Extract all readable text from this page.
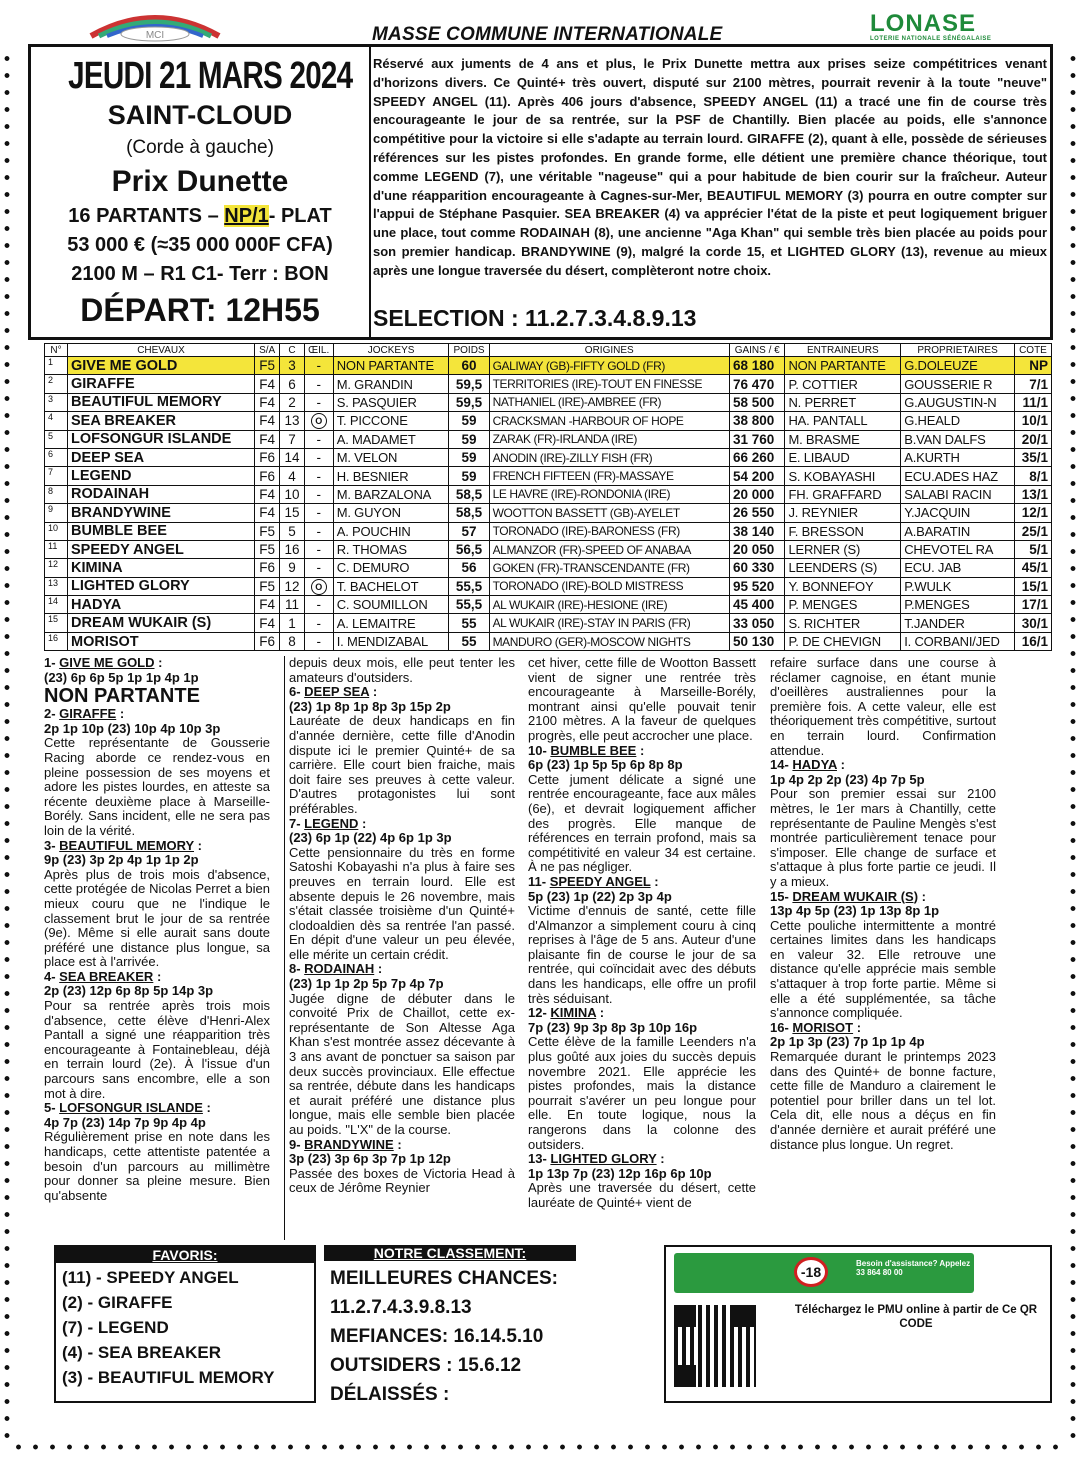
MCI	MASSE COMMUNE INTERNATIONALE	LONASE
LOTERIE NATIONALE SÉNÉGALAISE
JEUDI 21 MARS 2024
SAINT-CLOUD
(Corde à gauche)
Prix Dunette
16 PARTANTS – NP/1- PLAT
53 000 € (≈35 000 000F CFA)
2100 M – R1 C1- Terr : BON
DÉPART: 12H55
Réservé aux juments de 4 ans et plus, le Prix Dunette mettra aux prises seize compétitrices venant d'horizons divers. Ce Quinté+ très ouvert, disputé sur 2100 mètres, pourrait revenir à la toute "neuve" SPEEDY ANGEL (11). Après 406 jours d'absence, SPEEDY ANGEL (11) a tracé une fin de course très encourageante le jour de sa rentrée, sur la PSF de Chantilly. Bien placée au poids, elle s'annonce compétitive pour la victoire si elle s'adapte au terrain lourd. GIRAFFE (2), quant à elle, possède de sérieuses références sur les pistes profondes. En grande forme, elle détient une première chance théorique, tout comme LEGEND (7), une véritable "nageuse" qui a pour habitude de bien courir sur la fraîcheur. Auteur d'une réapparition encourageante à Cagnes-sur-Mer, BEAUTIFUL MEMORY (3) pourra en outre compter sur l'appui de Stéphane Pasquier. SEA BREAKER (4) va apprécier l'état de la piste et peut logiquement briguer une place, tout comme RODAINAH (8), une ancienne "Aga Khan" qui semble très bien placée au poids pour son premier handicap. BRANDYWINE (9), malgré la corde 15, et LIGHTED GLORY (13), revenue au mieux après une longue traversée du désert, complèteront notre choix.
SELECTION : 11.2.7.3.4.8.9.13
N°	CHEVAUX	S/A	C	ŒIL.	JOCKEYS	POIDS	ORIGINES	GAINS / €	ENTRAINEURS	PROPRIETAIRES	COTE
1	GIVE ME GOLD	F5	3	-	NON PARTANTE	60	GALIWAY (GB)-FIFTY GOLD (FR)	68 180	NON PARTANTE	G.DOLEUZE	NP
2	GIRAFFE	F4	6	-	M. GRANDIN	59,5	TERRITORIES (IRE)-TOUT EN FINESSE	76 470	P. COTTIER	GOUSSERIE R	7/1
3	BEAUTIFUL MEMORY	F4	2	-	S. PASQUIER	59,5	NATHANIEL (IRE)-AMBREE (FR)	58 500	N. PERRET	G.AUGUSTIN-N	11/1
4	SEA BREAKER	F4	13	O	T. PICCONE	59	CRACKSMAN -HARBOUR OF HOPE	38 800	HA. PANTALL	G.HEALD	10/1
5	LOFSONGUR ISLANDE	F4	7	-	A. MADAMET	59	ZARAK (FR)-IRLANDA (IRE)	31 760	M. BRASME	B.VAN DALFS	20/1
6	DEEP SEA	F6	14	-	M. VELON	59	ANODIN (IRE)-ZILLY FISH (FR)	66 260	E. LIBAUD	A.KURTH	35/1
7	LEGEND	F6	4	-	H. BESNIER	59	FRENCH FIFTEEN (FR)-MASSAYE	54 200	S. KOBAYASHI	ECU.ADES HAZ	8/1
8	RODAINAH	F4	10	-	M. BARZALONA	58,5	LE HAVRE (IRE)-RONDONIA (IRE)	20 000	FH. GRAFFARD	SALABI RACIN	13/1
9	BRANDYWINE	F4	15	-	M. GUYON	58,5	WOOTTON BASSETT (GB)-AYELET	26 550	J. REYNIER	Y.JACQUIN	12/1
10	BUMBLE BEE	F5	5	-	A. POUCHIN	57	TORONADO (IRE)-BARONESS (FR)	38 140	F. BRESSON	A.BARATIN	25/1
11	SPEEDY ANGEL	F5	16	-	R. THOMAS	56,5	ALMANZOR (FR)-SPEED OF ANABAA	20 050	LERNER (S)	CHEVOTEL RA	5/1
12	KIMINA	F6	9	-	C. DEMURO	56	GOKEN (FR)-TRANSCENDANTE (FR)	60 330	LEENDERS (S)	ECU. JAB	45/1
13	LIGHTED GLORY	F5	12	O	T. BACHELOT	55,5	TORONADO (IRE)-BOLD MISTRESS	95 520	Y. BONNEFOY	P.WULK	15/1
14	HADYA	F4	11	-	C. SOUMILLON	55,5	AL WUKAIR (IRE)-HESIONE (IRE)	45 400	P. MENGES	P.MENGES	17/1
15	DREAM WUKAIR (S)	F4	1	-	A. LEMAITRE	55	AL WUKAIR (IRE)-STAY IN PARIS (FR)	33 050	S. RICHTER	T.JANDER	30/1
16	MORISOT	F6	8	-	I. MENDIZABAL	55	MANDURO (GER)-MOSCOW NIGHTS	50 130	P. DE CHEVIGN	I. CORBANI/JED	16/1

1- GIVE ME GOLD :

(23) 6p 6p 5p 1p 1p 4p 1p

NON PARTANTE

2- GIRAFFE :

2p 1p 10p (23) 10p 4p 10p 3p

Cette représentante de Gousserie Racing aborde ce rendez-vous en pleine possession de ses moyens et adore les pistes lourdes, en atteste sa récente deuxième place à Marseille-Borély. Sans incident, elle ne sera pas loin de la vérité.

3- BEAUTIFUL MEMORY :

9p (23) 3p 2p 4p 1p 1p 2p

Après plus de trois mois d'absence, cette protégée de Nicolas Perret a bien mieux couru que ne l'indique le classement brut le jour de sa rentrée (9e). Même si elle aurait sans doute préféré une distance plus longue, sa place est à l'arrivée.

4- SEA BREAKER :

2p (23) 12p 6p 8p 5p 14p 3p

Pour sa rentrée après trois mois d'absence, cette élève d'Henri-Alex Pantall a signé une réapparition très encourageante à Fontainebleau, déjà en terrain lourd (2e). À l'issue d'un parcours sans encombre, elle a son mot à dire.

5- LOFSONGUR ISLANDE :

4p 7p (23) 14p 7p 9p 4p 4p

Régulièrement prise en note dans les handicaps, cette attentiste patentée a besoin d'un parcours au millimètre pour donner sa pleine mesure. Bien qu'absente

depuis deux mois, elle peut tenter les amateurs d'outsiders.

6- DEEP SEA :

(23) 1p 8p 1p 8p 3p 15p 2p

Lauréate de deux handicaps en fin d'année dernière, cette fille d'Anodin dispute ici le premier Quinté+ de sa carrière. Elle court bien fraiche, mais doit faire ses preuves à cette valeur. D'autres protagonistes lui sont préférables.

7- LEGEND :

(23) 6p 1p (22) 4p 6p 1p 3p

Cette pensionnaire du très en forme Satoshi Kobayashi n'a plus à faire ses preuves en terrain lourd. Elle est absente depuis le 26 novembre, mais s'était classée troisième d'un Quinté+ clodoaldien dès sa rentrée l'an passé. En dépit d'une valeur un peu élevée, elle mérite un certain crédit.

8- RODAINAH :

(23) 1p 1p 2p 5p 7p 4p 7p

Jugée digne de débuter dans le convoité Prix de Chaillot, cette ex-représentante de Son Altesse Aga Khan s'est montrée assez décevante à 3 ans avant de ponctuer sa saison par deux succès provinciaux. Elle effectue sa rentrée, débute dans les handicaps et aurait préféré une distance plus longue, mais elle semble bien placée au poids. "L'X" de la course.

9- BRANDYWINE :

3p (23) 3p 6p 3p 7p 1p 12p

Passée des boxes de Victoria Head à ceux de Jérôme Reynier

cet hiver, cette fille de Wootton Bassett vient de signer une rentrée très encourageante à Marseille-Borély, montrant ainsi qu'elle pouvait tenir 2100 mètres. A la faveur de quelques progrès, elle peut accrocher une place.

10- BUMBLE BEE :

6p (23) 1p 5p 5p 6p 8p 8p

Cette jument délicate a signé une rentrée encourageante, face aux mâles (6e), et devrait logiquement afficher des progrès. Elle manque de références en terrain profond, mais sa compétitivité en valeur 34 est certaine. À ne pas négliger.

11- SPEEDY ANGEL :

5p (23) 1p (22) 2p 3p 4p

Victime d'ennuis de santé, cette fille d'Almanzor a simplement couru à cinq reprises à l'âge de 5 ans. Auteur d'une plaisante fin de course le jour de sa rentrée, qui coïncidait avec des débuts dans les handicaps, elle offre un profil très séduisant.

12- KIMINA :

7p (23) 9p 3p 8p 3p 10p 16p

Cette élève de la famille Leenders n'a plus goûté aux joies du succès depuis novembre 2021. Elle apprécie les pistes profondes, mais la distance pourrait s'avérer un peu longue pour elle. En toute logique, nous la rangerons dans la colonne des outsiders.

13- LIGHTED GLORY :

1p 13p 7p (23) 12p 16p 6p 10p

Après une traversée du désert, cette lauréate de Quinté+ vient de

refaire surface dans une course à réclamer cagnoise, en étant munie d'oeillères australiennes pour la première fois. A cette valeur, elle est théoriquement très compétitive, surtout en terrain lourd. Confirmation attendue.

14- HADYA :

1p 4p 2p 2p (23) 4p 7p 5p

Pour son premier essai sur 2100 mètres, le 1er mars à Chantilly, cette représentante de Pauline Mengès s'est montrée particulièrement tenace pour s'imposer. Elle change de surface et s'attaque à plus forte partie ce jeudi. Il y a mieux.

15- DREAM WUKAIR (S) :

13p 4p 5p (23) 1p 13p 8p 1p

Cette pouliche intermittente a montré certaines limites dans les handicaps en valeur 32. Elle retrouve une distance qu'elle apprécie mais semble s'attaquer à trop forte partie. Même si elle a été supplémentée, sa tâche s'annonce compliquée.

16- MORISOT :

2p 1p 3p (23) 7p 1p 1p 4p

Remarquée durant le printemps 2023 dans des Quinté+ de bonne facture, cette fille de Manduro a clairement le potentiel pour briller dans un tel lot. Cela dit, elle nous a déçus en fin d'année dernière et aurait préféré une distance plus longue. Un regret.

FAVORIS:
(11) - SPEEDY ANGEL
(2) - GIRAFFE
(7) - LEGEND
(4) - SEA BREAKER
(3) - BEAUTIFUL MEMORY
NOTRE CLASSEMENT:
MEILLEURES CHANCES:
11.2.7.4.3.9.8.13
MEFIANCES: 16.14.5.10
OUTSIDERS : 15.6.12
DÉLAISSÉS :
-18
Besoin d'assistance? Appelez 33 864 80 00
Téléchargez le PMU online à partir de Ce QR CODE
